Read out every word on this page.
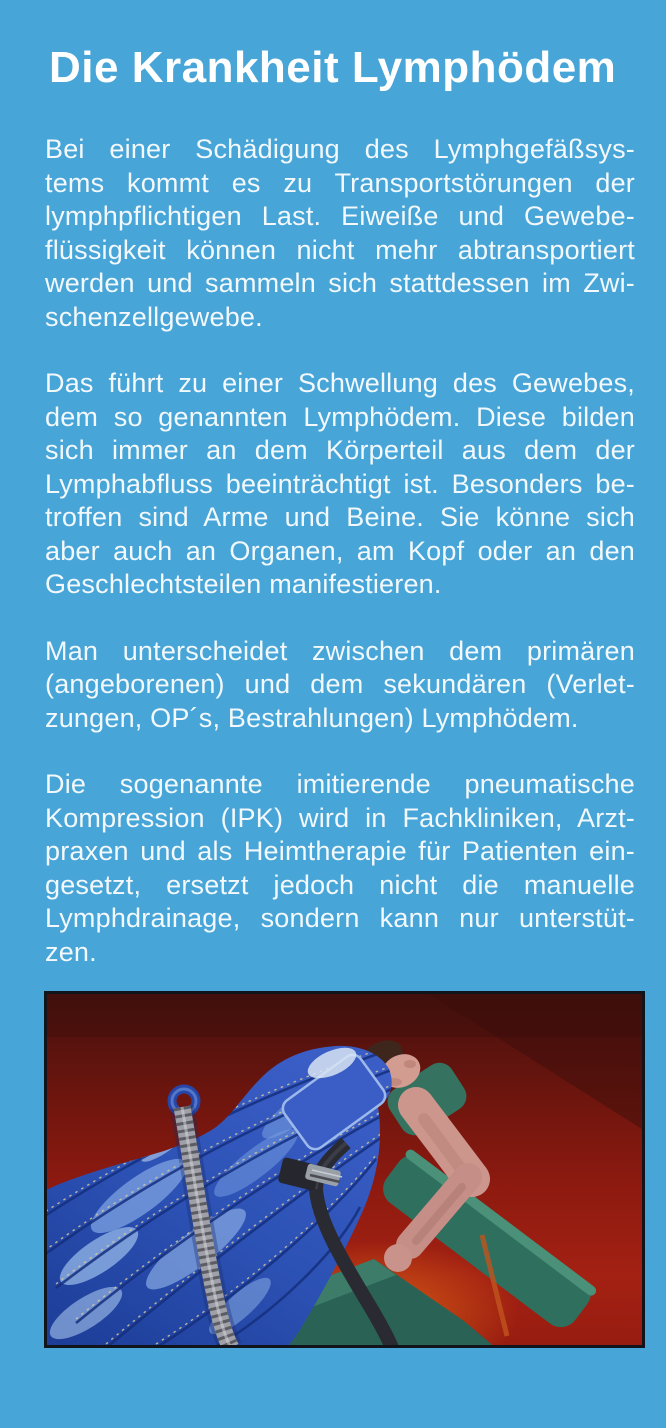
Die Krankheit Lymphödem

Bei einer Schädigung des Lymphgefäßsys-
tems kommt es zu Transportstörungen der
lymphpflichtigen Last. Eiweiße und Gewebe-
flüssigkeit können nicht mehr abtransportiert
werden und sammeln sich stattdessen im Zwi-
schenzellgewebe.

Das führt zu einer Schwellung des Gewebes,
dem so genannten Lymphödem. Diese bilden
sich immer an dem Körperteil aus dem der
Lymphabfluss beeinträchtigt ist. Besonders be-
troffen sind Arme und Beine. Sie könne sich
aber auch an Organen, am Kopf oder an den
Geschlechtsteilen manifestieren.

Man unterscheidet zwischen dem primären
(angeborenen) und dem sekundären (Verlet-
zungen, OP´s, Bestrahlungen) Lymphödem.

Die sogenannte imitierende pneumatische
Kompression (IPK) wird in Fachkliniken, Arzt-
praxen und als Heimtherapie für Patienten ein-
gesetzt, ersetzt jedoch nicht die manuelle
Lymphdrainage, sondern kann nur unterstüt-
zen.
